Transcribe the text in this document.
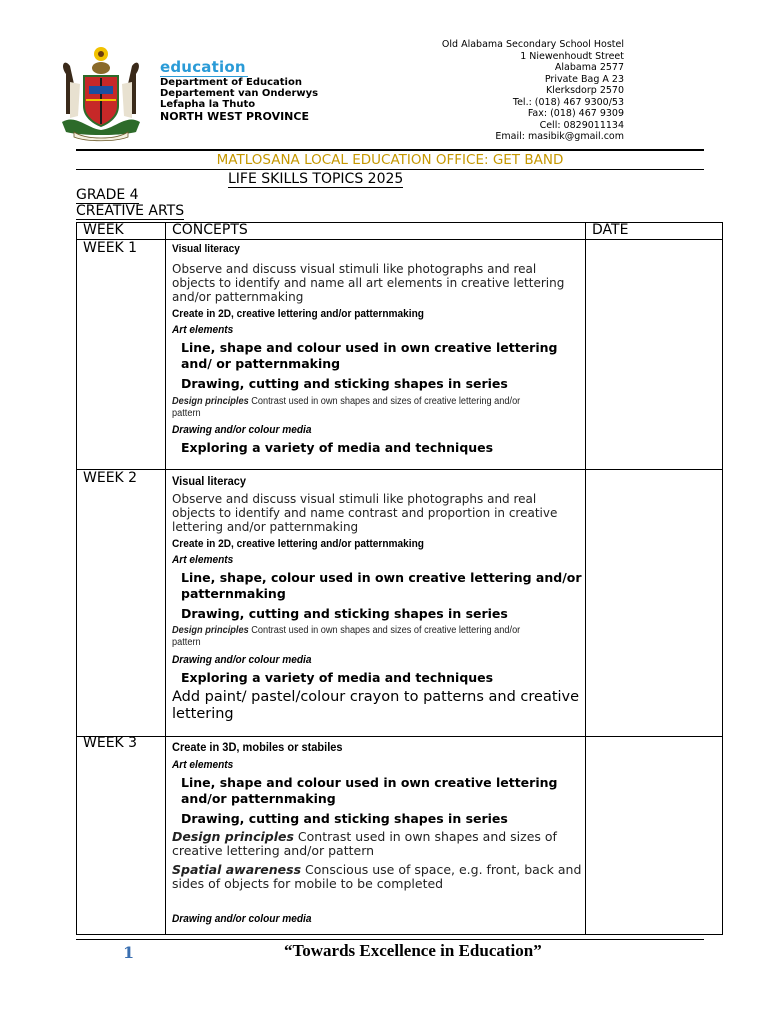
education
Department of Education
Departement van Onderwys
Lefapha la Thuto
NORTH WEST PROVINCE
Old Alabama Secondary School Hostel
1 Niewenhoudt Street
Alabama 2577
Private Bag A 23
Klerksdorp 2570
Tel.: (018) 467 9300/53
Fax: (018) 467 9309
Cell: 0829011134
Email: masibik@gmail.com
MATLOSANA LOCAL EDUCATION OFFICE: GET BAND
LIFE SKILLS TOPICS 2025
GRADE 4
CREATIVE ARTS
WEEK	CONCEPTS	DATE
WEEK 1	Visual literacy

Observe and discuss visual stimuli like photographs and real objects to identify and name all art elements in creative lettering and/or patternmaking

Create in 2D, creative lettering and/or patternmaking

Art elements

Line, shape and colour used in own creative lettering and/ or patternmaking

Drawing, cutting and sticking shapes in series

Design principles Contrast used in own shapes and sizes of creative lettering and/or pattern

Drawing and/or colour media

Exploring a variety of media and techniques

WEEK 2	Visual literacy

Observe and discuss visual stimuli like photographs and real objects to identify and name contrast and proportion in creative lettering and/or patternmaking

Create in 2D, creative lettering and/or patternmaking

Art elements

Line, shape, colour used in own creative lettering and/or patternmaking

Drawing, cutting and sticking shapes in series

Design principles Contrast used in own shapes and sizes of creative lettering and/or pattern

Drawing and/or colour media

Exploring a variety of media and techniques

Add paint/ pastel/colour crayon to patterns and creative lettering

WEEK 3	Create in 3D, mobiles or stabiles

Art elements

Line, shape and colour used in own creative lettering and/or patternmaking

Drawing, cutting and sticking shapes in series

Design principles Contrast used in own shapes and sizes of creative lettering and/or pattern

Spatial awareness Conscious use of space, e.g. front, back and sides of objects for mobile to be completed

Drawing and/or colour media

1	“Towards Excellence in Education”
